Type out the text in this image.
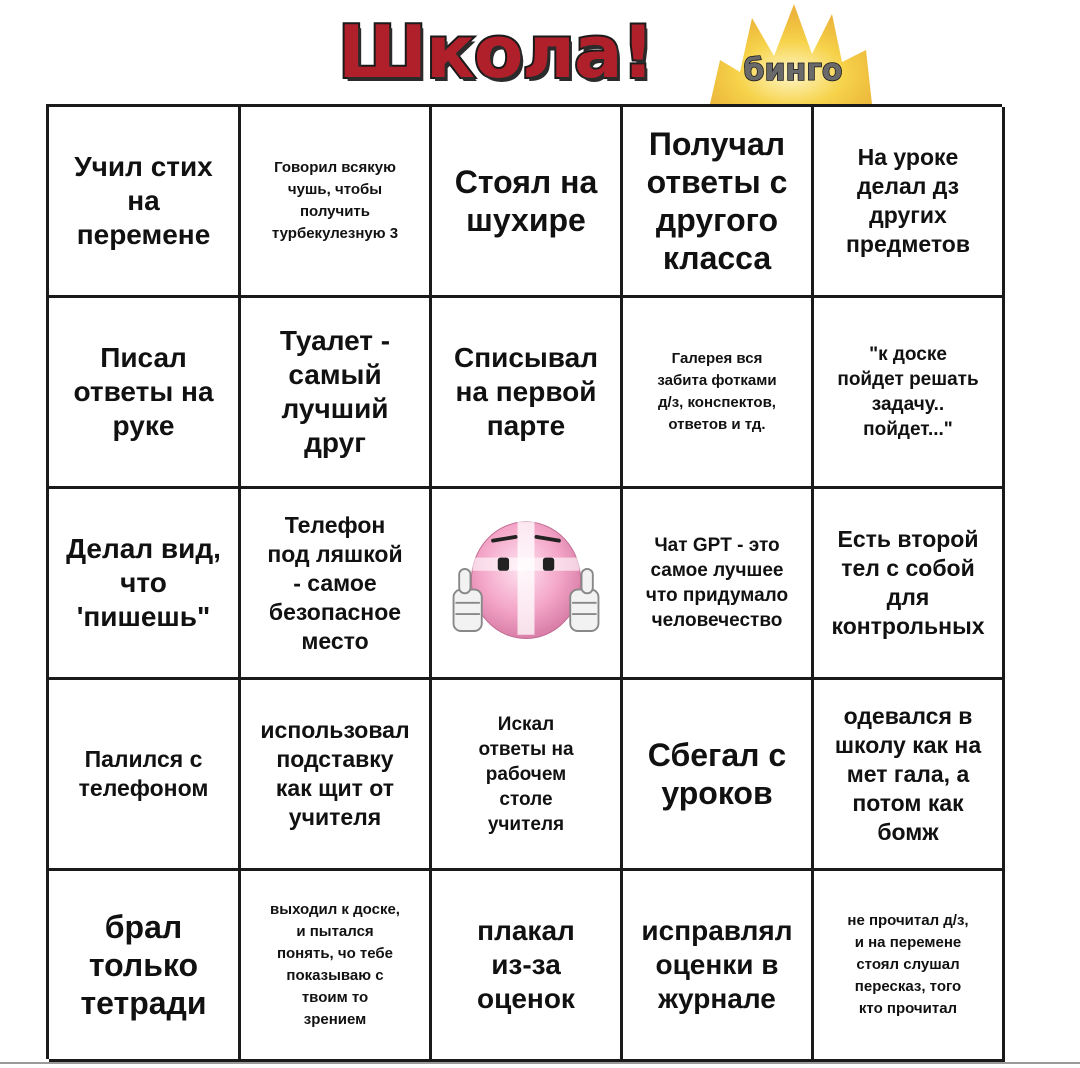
Школа!	бинго
Учил стих
на
перемене
Говорил всякую
чушь, чтобы
получить
турбекулезную 3
Стоял на
шухире
Получал
ответы с
другого
класса
На уроке
делал дз
других
предметов
Писал
ответы на
руке
Туалет -
самый
лучший
друг
Списывал
на первой
парте
Галерея вся
забита фотками
д/з, конспектов,
ответов и тд.
"к доске
пойдет решать
задачу..
пойдет..."
Делал вид,
что
'пишешь"
Телефон
под ляшкой
- самое
безопасное
место
Чат GPT - это
самое лучшее
что придумало
человечество
Есть второй
тел с собой
для
контрольных
Палился с
телефоном
использовал
подставку
как щит от
учителя
Искал
ответы на
рабочем
столе
учителя
Сбегал с
уроков
одевался в
школу как на
мет гала, а
потом как
бомж
брал
только
тетради
выходил к доске,
и пытался
понять, чо тебе
показываю с
твоим то
зрением
плакал
из-за
оценок
исправлял
оценки в
журнале
не прочитал д/з,
и на перемене
стоял слушал
пересказ, того
кто прочитал
